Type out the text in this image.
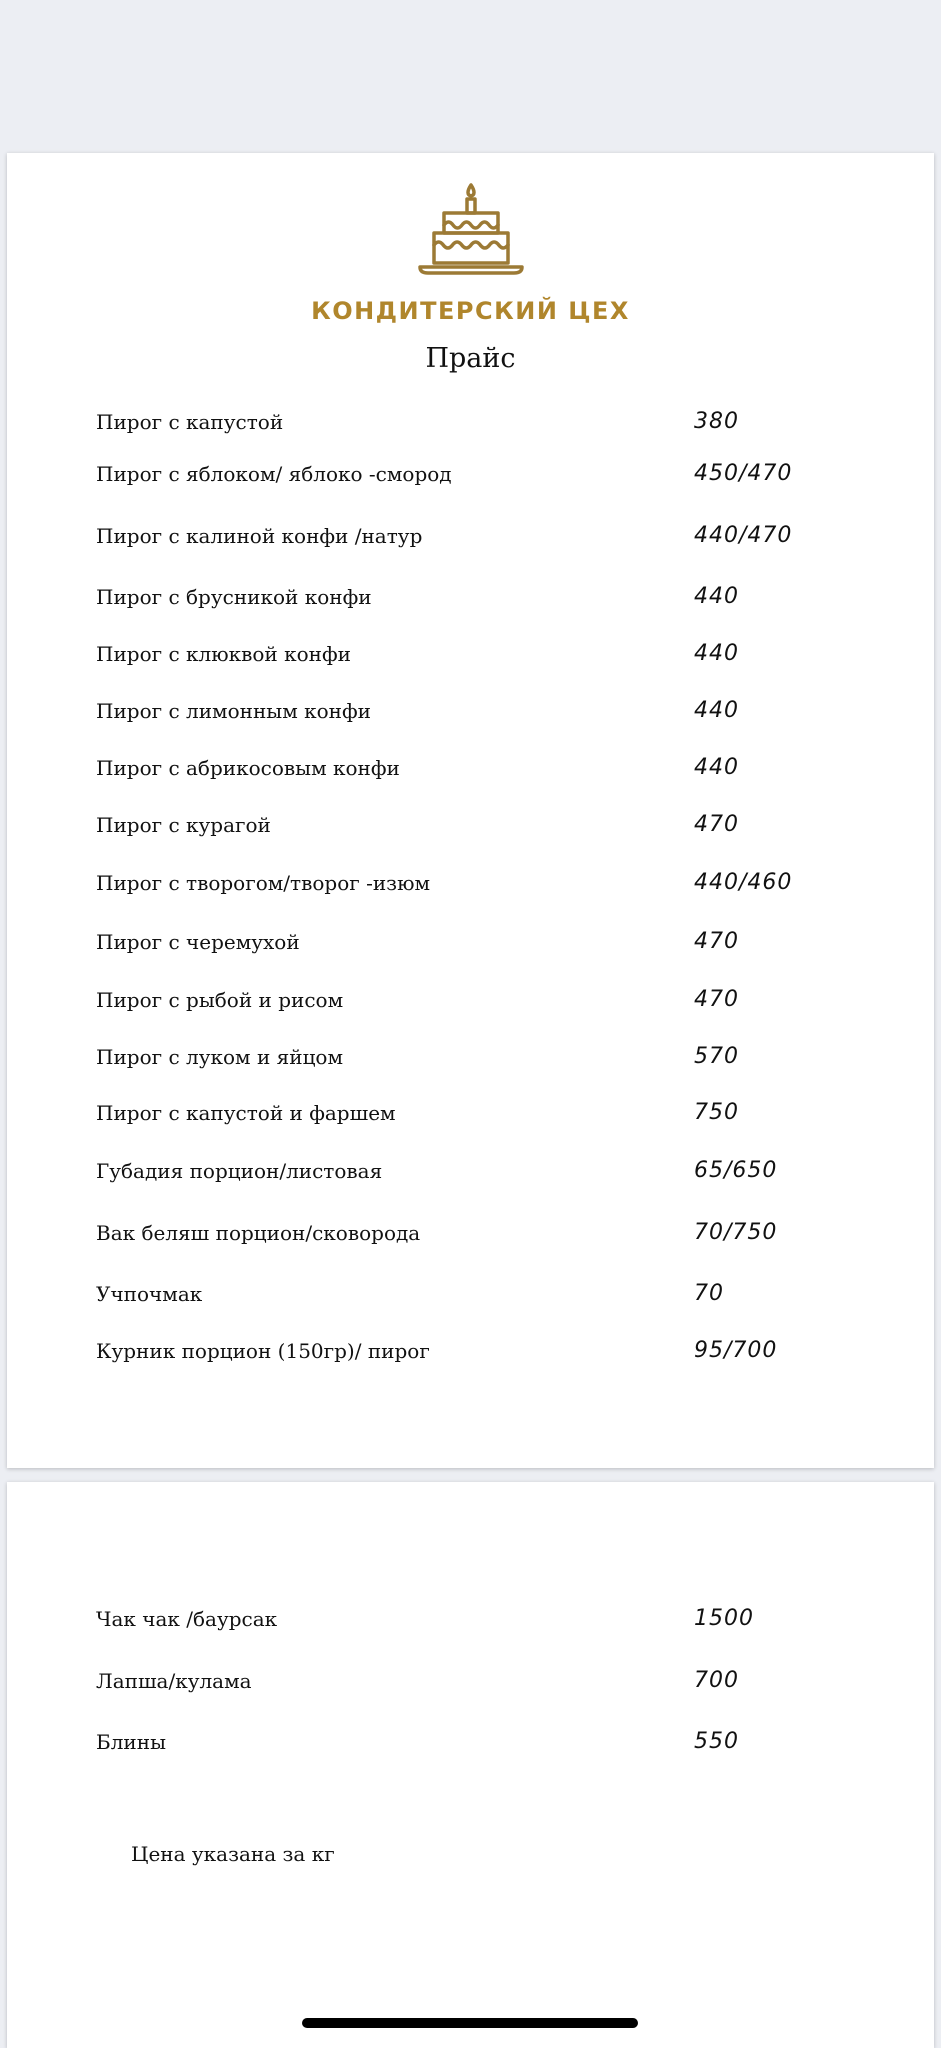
КОНДИТЕРСКИЙ ЦЕХ
Прайс
Пирог с капустой	380
Пирог с яблоком/ яблоко -смород	450/470
Пирог с калиной конфи /натур	440/470
Пирог с брусникой конфи	440
Пирог с клюквой конфи	440
Пирог с лимонным конфи	440
Пирог с абрикосовым конфи	440
Пирог с курагой	470
Пирог с творогом/творог -изюм	440/460
Пирог с черемухой	470
Пирог с рыбой и рисом	470
Пирог с луком и яйцом	570
Пирог с капустой и фаршем	750
Губадия порцион/листовая	65/650
Вак беляш порцион/сковорода	70/750
Учпочмак	70
Курник порцион (150гр)/ пирог	95/700
Чак чак /баурсак	1500
Лапша/кулама	700
Блины	550
Цена указана за кг
